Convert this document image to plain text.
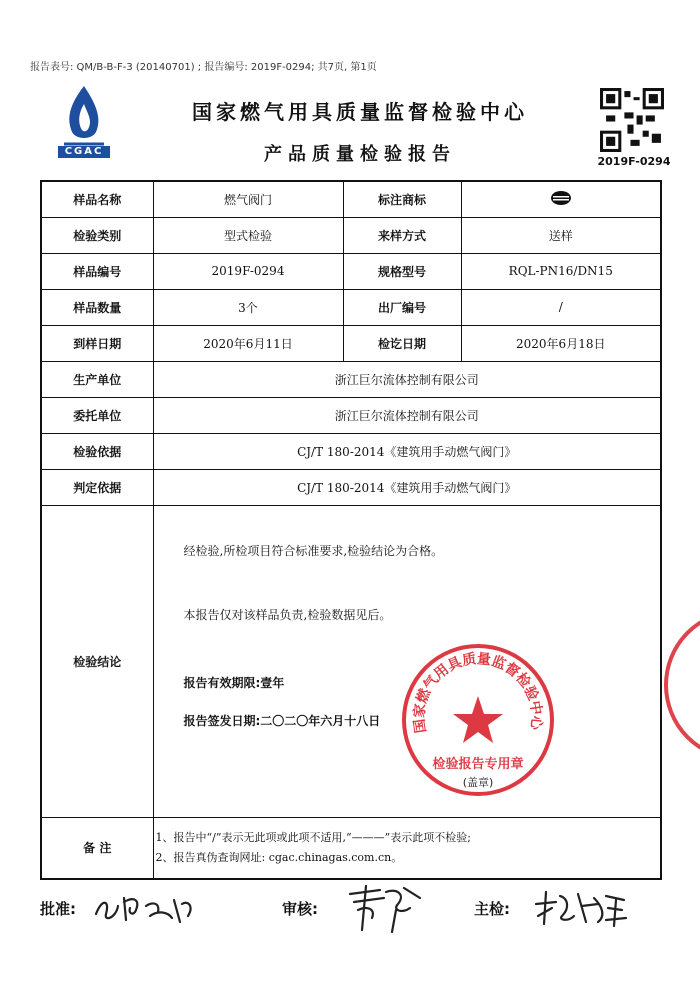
报告表号: QM/B-B-F-3 (20140701) ; 报告编号: 2019F-0294; 共7页, 第1页
CGAC
国家燃气用具质量监督检验中心
产品质量检验报告	2019F-0294
样品名称	燃气阀门	标注商标	
检验类别	型式检验	来样方式	送样
样品编号	2019F-0294	规格型号	RQL-PN16/DN15
样品数量	3个	出厂编号	/
到样日期	2020年6月11日	检讫日期	2020年6月18日
生产单位	浙江巨尔流体控制有限公司		
委托单位	浙江巨尔流体控制有限公司		
检验依据	CJ/T 180-2014《建筑用手动燃气阀门》		
判定依据	CJ/T 180-2014《建筑用手动燃气阀门》		
检验结论	经检验,所检项目符合标准要求,检验结论为合格。
本报告仅对该样品负责,检验数据见后。
报告有效期限:壹年
报告签发日期:二〇二〇年六月十八日		

备 注	1、报告中“/”表示无此项或此项不适用,“———”表示此项不检验;
2、报告真伪查询网址: cgac.chinagas.com.cn。		
国家燃气用具质量监督检验中心
检验报告专用章
(盖章)
批准:	审核:	主检:
